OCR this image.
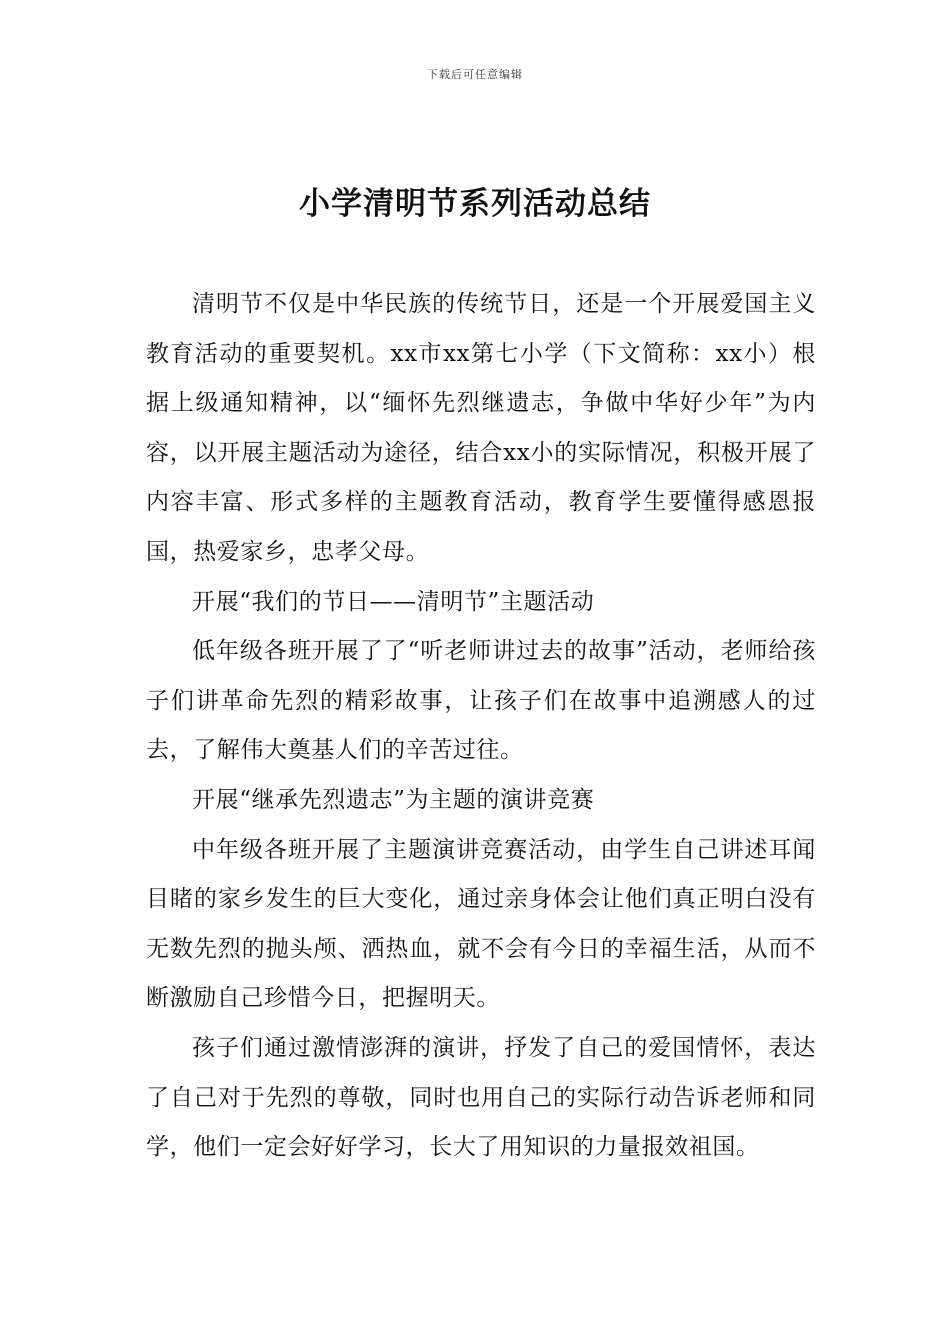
下载后可任意编辑
小学清明节系列活动总结

清明节不仅是中华民族的传统节日，还是一个开展爱国主义教育活动的重要契机。xx市xx第七小学（下文简称：xx小）根据上级通知精神，以“缅怀先烈继遗志，争做中华好少年”为内容，以开展主题活动为途径，结合xx小的实际情况，积极开展了内容丰富、形式多样的主题教育活动，教育学生要懂得感恩报国，热爱家乡，忠孝父母。

开展“我们的节日——清明节”主题活动

低年级各班开展了了“听老师讲过去的故事”活动，老师给孩子们讲革命先烈的精彩故事，让孩子们在故事中追溯感人的过去，了解伟大奠基人们的辛苦过往。

开展“继承先烈遗志”为主题的演讲竞赛

中年级各班开展了主题演讲竞赛活动，由学生自己讲述耳闻目睹的家乡发生的巨大变化，通过亲身体会让他们真正明白没有无数先烈的抛头颅、洒热血，就不会有今日的幸福生活，从而不断激励自己珍惜今日，把握明天。

孩子们通过激情澎湃的演讲，抒发了自己的爱国情怀，表达了自己对于先烈的尊敬，同时也用自己的实际行动告诉老师和同学，他们一定会好好学习，长大了用知识的力量报效祖国。
